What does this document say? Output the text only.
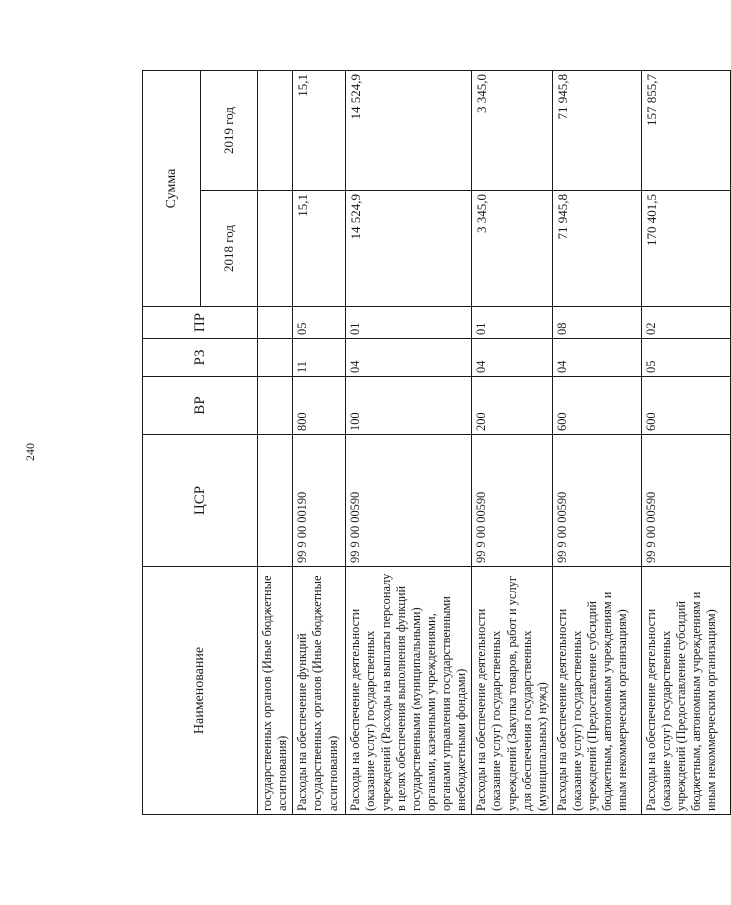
240
Наименование	ЦСР	ВР	РЗ	ПР	Сумма	
					2018 год	2019 год
государственных органов (Иные бюджетные ассигнования)						
Расходы на обеспечение функций государственных органов (Иные бюджетные ассигнования)	99 9 00 00190	800	11	05	15,1	15,1
Расходы на обеспечение деятельности (оказание услуг) государственных учреждений (Расходы на выплаты персоналу в целях обеспечения выполнения функций государственными (муниципальными) органами, казенными учреждениями, органами управления государственными внебюджетными фондами)	99 9 00 00590	100	04	01	14 524,9	14 524,9
Расходы на обеспечение деятельности (оказание услуг) государственных учреждений (Закупка товаров, работ и услуг для обеспечения государственных (муниципальных) нужд)	99 9 00 00590	200	04	01	3 345,0	3 345,0
Расходы на обеспечение деятельности (оказание услуг) государственных учреждений (Предоставление субсидий бюджетным, автономным учреждениям и иным некоммерческим организациям)	99 9 00 00590	600	04	08	71 945,8	71 945,8
Расходы на обеспечение деятельности (оказание услуг) государственных учреждений (Предоставление субсидий бюджетным, автономным учреждениям и иным некоммерческим организациям)	99 9 00 00590	600	05	02	170 401,5	157 855,7
